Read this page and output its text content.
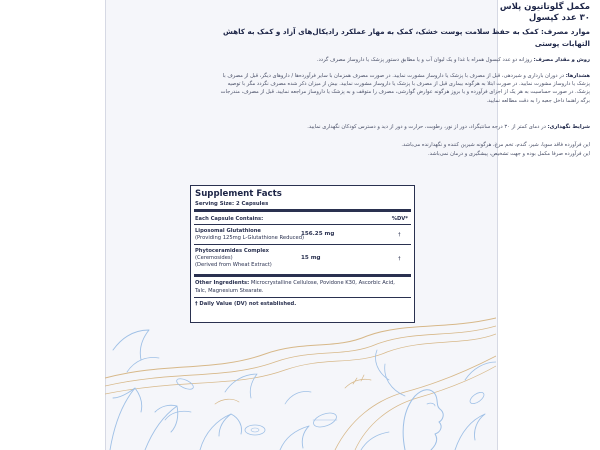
مکمل گلوتاتیون پلاس
۳۰ عدد کپسول
موارد مصرف: کمک به حفظ سلامت پوست خشک، کمک به مهار عملکرد رادیکال‌های آزاد و کمک به کاهش التهابات پوستی
روش و مقدار مصرف: روزانه دو عدد کپسول همراه با غذا و یک لیوان آب و یا مطابق دستور پزشک یا داروساز مصرف گردد.
هشدارها: در دوران بارداری و شیردهی، قبل از مصرف با پزشک یا داروساز مشورت نمایید. در صورت مصرف همزمان با سایر فرآورده‌ها / داروهای دیگر، قبل از مصرف با پزشک یا داروساز مشورت نمایید. در صورت ابتلا به هرگونه بیماری قبل از مصرف با پزشک یا داروساز مشورت نمایید. بیش از میزان ذکر شده مصرف نگردد مگر با توصیه پزشک. در صورت حساسیت به هر یک از اجزای فرآورده و یا بروز هرگونه عوارض گوارشی، مصرف را متوقف و به پزشک یا داروساز مراجعه نمایید. قبل از مصرف، مندرجات برگه راهنما داخل جعبه را به دقت مطالعه نمایید.
شرایط نگهداری: در دمای کمتر از ۳۰ درجه سانتیگراد، دور از نور، رطوبت، حرارت و دور از دید و دسترس کودکان نگهداری نمایید.
این فرآورده فاقد سویا، شیر، گندم، تخم مرغ، هرگونه شیرین کننده و نگهدارنده می‌باشد.
این فرآورده صرفا مکمل بوده و جهت تشخیص، پیشگیری و درمان نمی‌باشد.
Supplement Facts
Serving Size: 2 Capsules
Each Capsule Contains:	%DV*
Liposomal Glutathione
(Providing 125mg L-Glutathione Reduced)
156.25 mg	†
Phytoceramides Complex
(Ceremosides)
(Derived from Wheat Extract)
15 mg	†
Other Ingredients: Microcrystalline Cellulose, Povidone K30, Ascorbic Acid, Talc, Magnesium Stearate.
† Daily Value (DV) not established.
